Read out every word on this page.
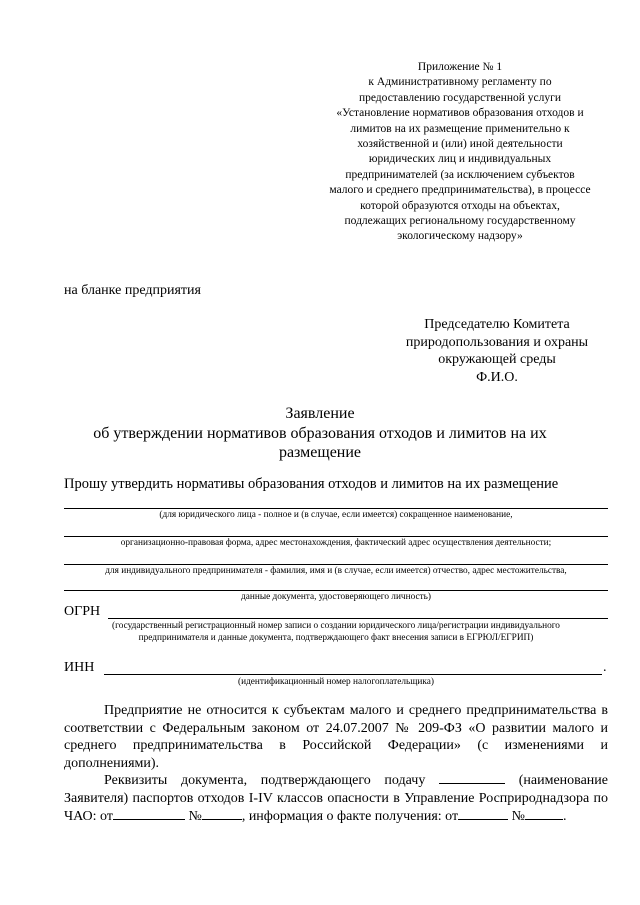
Приложение № 1
к Административному регламенту по
предоставлению государственной услуги
«Установление нормативов образования отходов и
лимитов на их размещение применительно к
хозяйственной и (или) иной деятельности
юридических лиц и индивидуальных
предпринимателей (за исключением субъектов
малого и среднего предпринимательства), в процессе
которой образуются отходы на объектах,
подлежащих региональному государственному
экологическому надзору»
на бланке предприятия
Председателю Комитета
природопользования и охраны
окружающей среды
Ф.И.О.
Заявление
об утверждении нормативов образования отходов и лимитов на их
размещение
Прошу утвердить нормативы образования отходов и лимитов на их размещение
(для юридического лица - полное и (в случае, если имеется) сокращенное наименование,
организационно-правовая форма, адрес местонахождения, фактический адрес осуществления деятельности;
для индивидуального предпринимателя - фамилия, имя и (в случае, если имеется) отчество, адрес местожительства,
данные документа, удостоверяющего личность)
ОГРН
(государственный регистрационный номер записи о создании юридического лица/регистрации индивидуального
предпринимателя и данные документа, подтверждающего факт внесения записи в ЕГРЮЛ/ЕГРИП)
ИНН	.
(идентификационный номер налогоплательщика)
Предприятие не относится к субъектам малого и среднего предпринимательства в соответствии с Федеральным законом от 24.07.2007 № 209-ФЗ «О развитии малого и среднего предпринимательства в Российской Федерации» (с изменениями и дополнениями).
Реквизиты документа, подтверждающего подачу	(наименование Заявителя) паспортов отходов I-IV классов опасности в Управление Росприроднадзора по ЧАО: от	№	, информация о факте получения: от	№	.
